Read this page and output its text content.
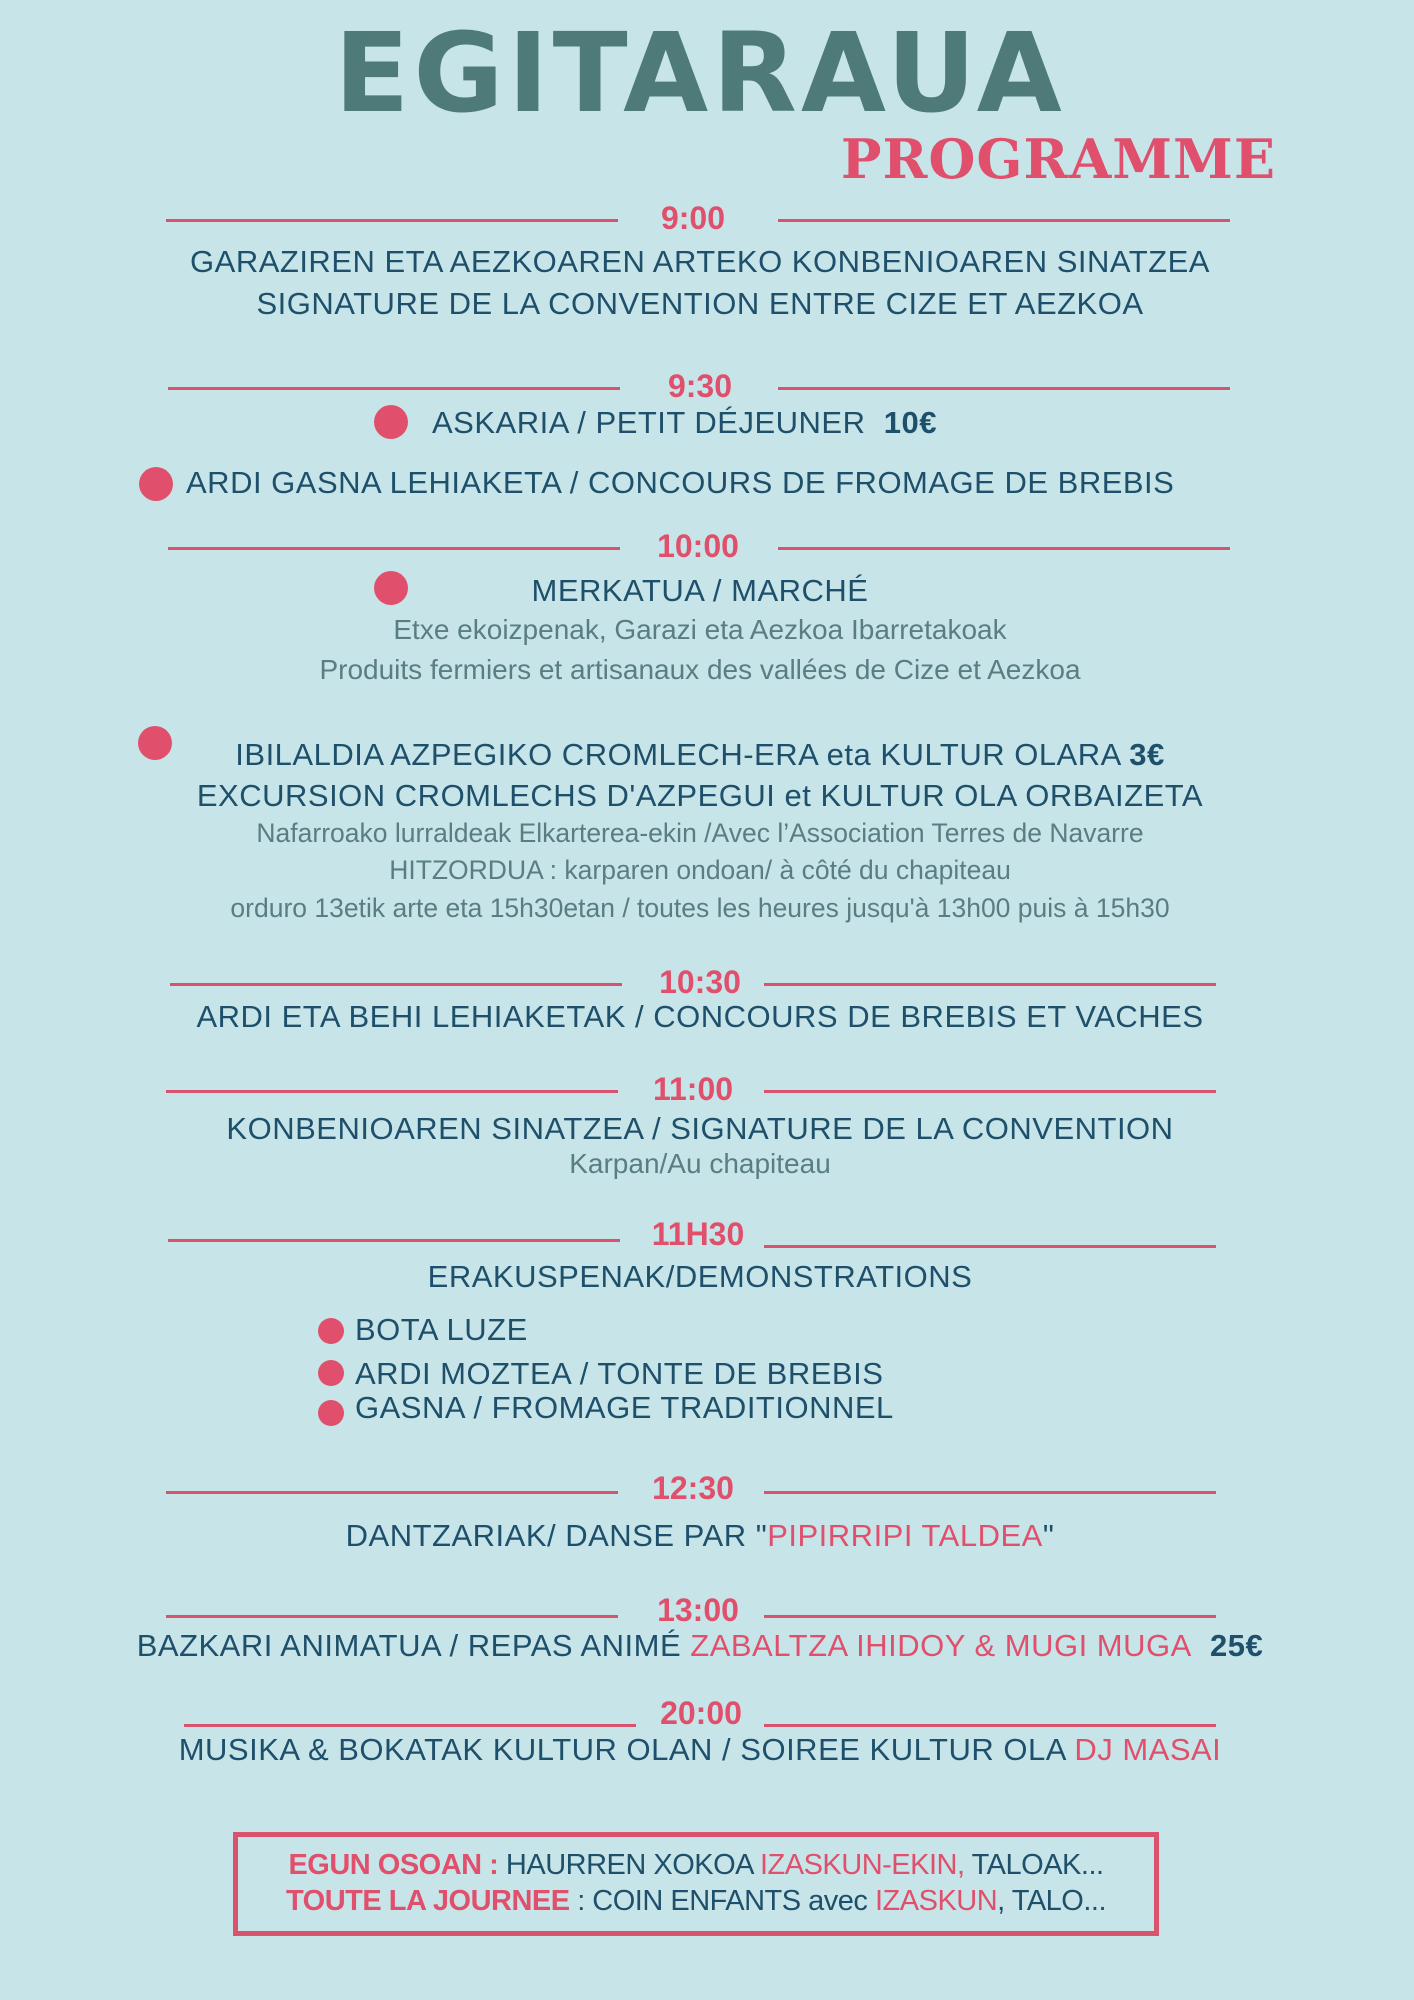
EGITARAUA
PROGRAMME
9:00
GARAZIREN ETA AEZKOAREN ARTEKO KONBENIOAREN SINATZEA
SIGNATURE DE LA CONVENTION ENTRE CIZE ET AEZKOA
9:30
ASKARIA / PETIT DÉJEUNER 10€
ARDI GASNA LEHIAKETA / CONCOURS DE FROMAGE DE BREBIS
10:00
MERKATUA / MARCHÉ
Etxe ekoizpenak, Garazi eta Aezkoa Ibarretakoak
Produits fermiers et artisanaux des vallées de Cize et Aezkoa
IBILALDIA AZPEGIKO CROMLECH-ERA eta KULTUR OLARA 3€
EXCURSION CROMLECHS D'AZPEGUI et KULTUR OLA ORBAIZETA
Nafarroako lurraldeak Elkarterea-ekin /Avec l’Association Terres de Navarre
HITZORDUA : karparen ondoan/ à côté du chapiteau
orduro 13etik arte eta 15h30etan / toutes les heures jusqu'à 13h00 puis à 15h30
10:30
ARDI ETA BEHI LEHIAKETAK / CONCOURS DE BREBIS ET VACHES
11:00
KONBENIOAREN SINATZEA / SIGNATURE DE LA CONVENTION
Karpan/Au chapiteau
11H30
ERAKUSPENAK/DEMONSTRATIONS
BOTA LUZE
ARDI MOZTEA / TONTE DE BREBIS
GASNA / FROMAGE TRADITIONNEL
12:30
DANTZARIAK/ DANSE PAR "PIPIRRIPI TALDEA"
13:00
BAZKARI ANIMATUA / REPAS ANIMÉ ZABALTZA IHIDOY & MUGI MUGA 25€
20:00
MUSIKA & BOKATAK KULTUR OLAN / SOIREE KULTUR OLA DJ MASAI
EGUN OSOAN : HAURREN XOKOA IZASKUN-EKIN, TALOAK...
TOUTE LA JOURNEE : COIN ENFANTS avec IZASKUN, TALO...
